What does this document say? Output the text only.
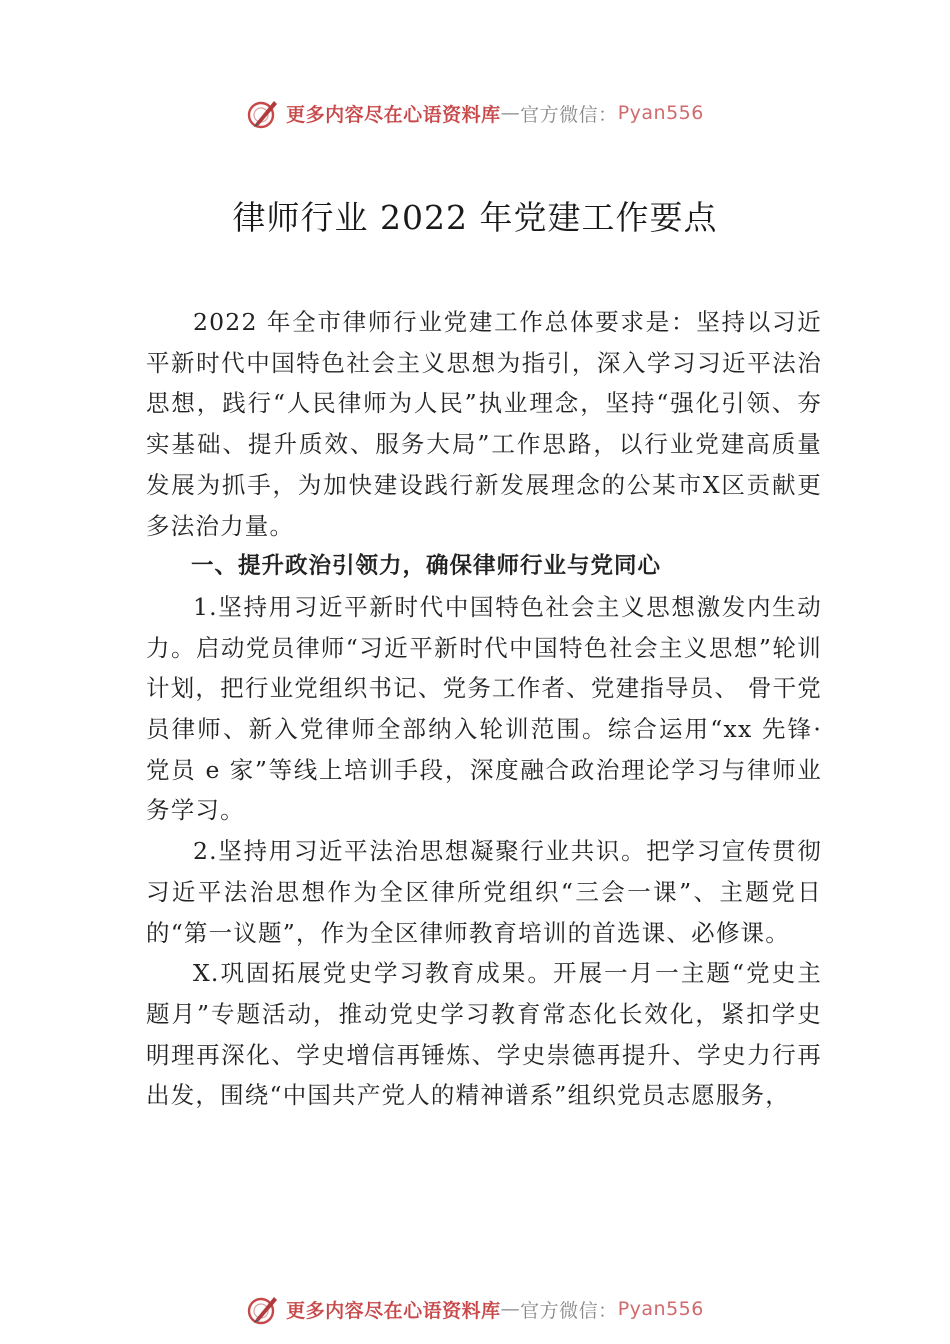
更多内容尽在心语资料库 — 官方微信： Pyan556
律师行业 2022 年党建工作要点

2022 年全市律师行业党建工作总体要求是：坚持以习近平新时代中国特色社会主义思想为指引，深入学习习近平法治思想，践行“人民律师为人民”执业理念，坚持“强化引领、夯实基础、提升质效、服务大局”工作思路，以行业党建高质量发展为抓手，为加快建设践行新发展理念的公某市X区贡献更多法治力量。

一、提升政治引领力，确保律师行业与党同心

1.坚持用习近平新时代中国特色社会主义思想激发内生动力。启动党员律师“习近平新时代中国特色社会主义思想”轮训计划，把行业党组织书记、党务工作者、党建指导员、 骨干党员律师、新入党律师全部纳入轮训范围。综合运用“xx 先锋·党员 e 家”等线上培训手段，深度融合政治理论学习与律师业务学习。

2.坚持用习近平法治思想凝聚行业共识。把学习宣传贯彻习近平法治思想作为全区律所党组织“三会一课”、主题党日的“第一议题”，作为全区律师教育培训的首选课、必修课。

X.巩固拓展党史学习教育成果。开展一月一主题“党史主题月”专题活动，推动党史学习教育常态化长效化，紧扣学史明理再深化、学史增信再锤炼、学史崇德再提升、学史力行再出发，围绕“中国共产党人的精神谱系”组织党员志愿服务，

更多内容尽在心语资料库 — 官方微信： Pyan556
